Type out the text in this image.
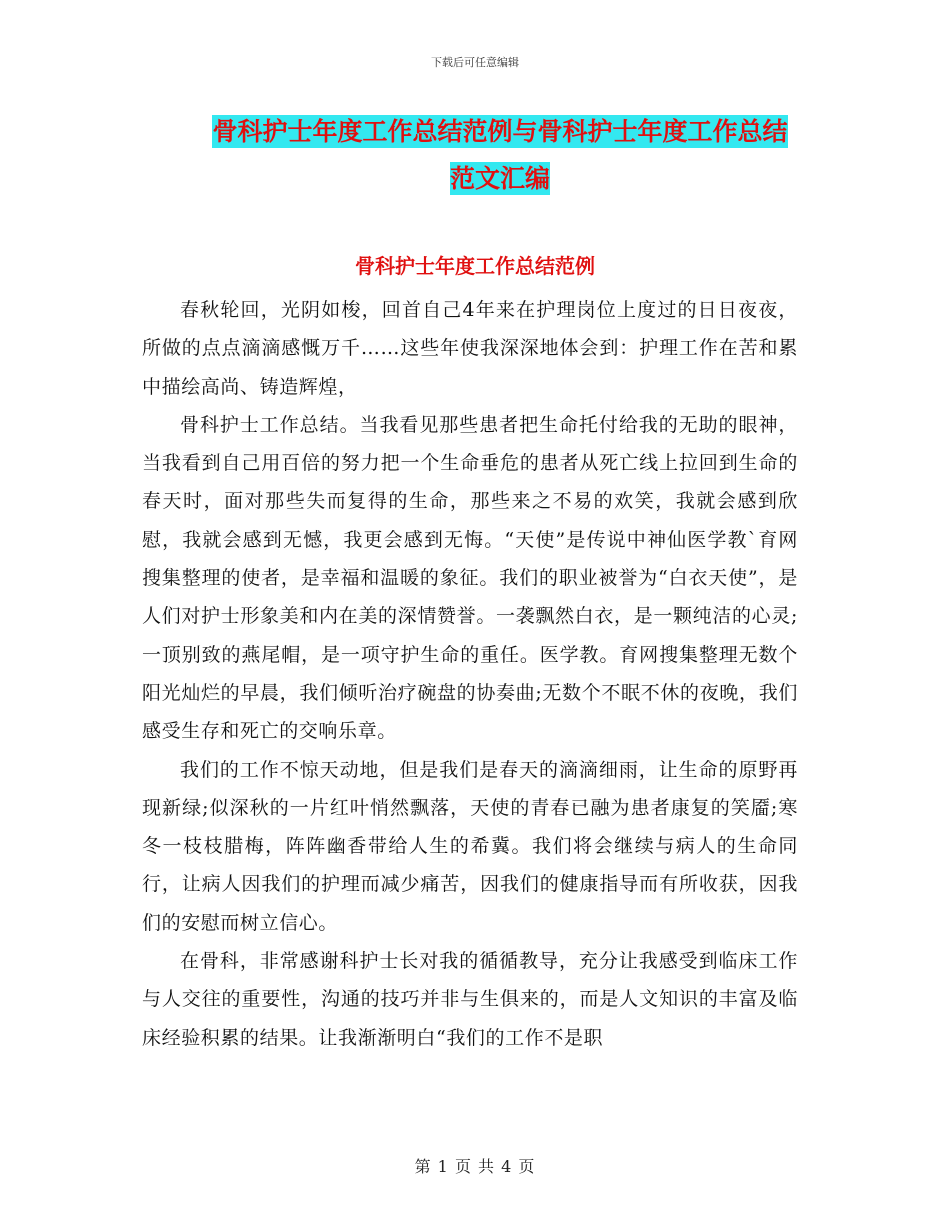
下载后可任意编辑
骨科护士年度工作总结范例与骨科护士年度工作总结
范文汇编
骨科护士年度工作总结范例

春秋轮回，光阴如梭，回首自己4年来在护理岗位上度过的日日夜夜，所做的点点滴滴感慨万千……这些年使我深深地体会到：护理工作在苦和累中描绘高尚、铸造辉煌，

骨科护士工作总结。当我看见那些患者把生命托付给我的无助的眼神，当我看到自己用百倍的努力把一个生命垂危的患者从死亡线上拉回到生命的春天时，面对那些失而复得的生命，那些来之不易的欢笑，我就会感到欣慰，我就会感到无憾，我更会感到无悔。“天使”是传说中神仙医学教`育网搜集整理的使者，是幸福和温暖的象征。我们的职业被誉为“白衣天使”，是人们对护士形象美和内在美的深情赞誉。一袭飘然白衣，是一颗纯洁的心灵;一顶别致的燕尾帽，是一项守护生命的重任。医学教。育网搜集整理无数个阳光灿烂的早晨，我们倾听治疗碗盘的协奏曲;无数个不眠不休的夜晚，我们感受生存和死亡的交响乐章。

我们的工作不惊天动地，但是我们是春天的滴滴细雨，让生命的原野再现新绿;似深秋的一片红叶悄然飘落，天使的青春已融为患者康复的笑靥;寒冬一枝枝腊梅，阵阵幽香带给人生的希冀。我们将会继续与病人的生命同行，让病人因我们的护理而减少痛苦，因我们的健康指导而有所收获，因我们的安慰而树立信心。

在骨科，非常感谢科护士长对我的循循教导，充分让我感受到临床工作与人交往的重要性，沟通的技巧并非与生俱来的，而是人文知识的丰富及临床经验积累的结果。让我渐渐明白“我们的工作不是职

第 1 页 共 4 页
